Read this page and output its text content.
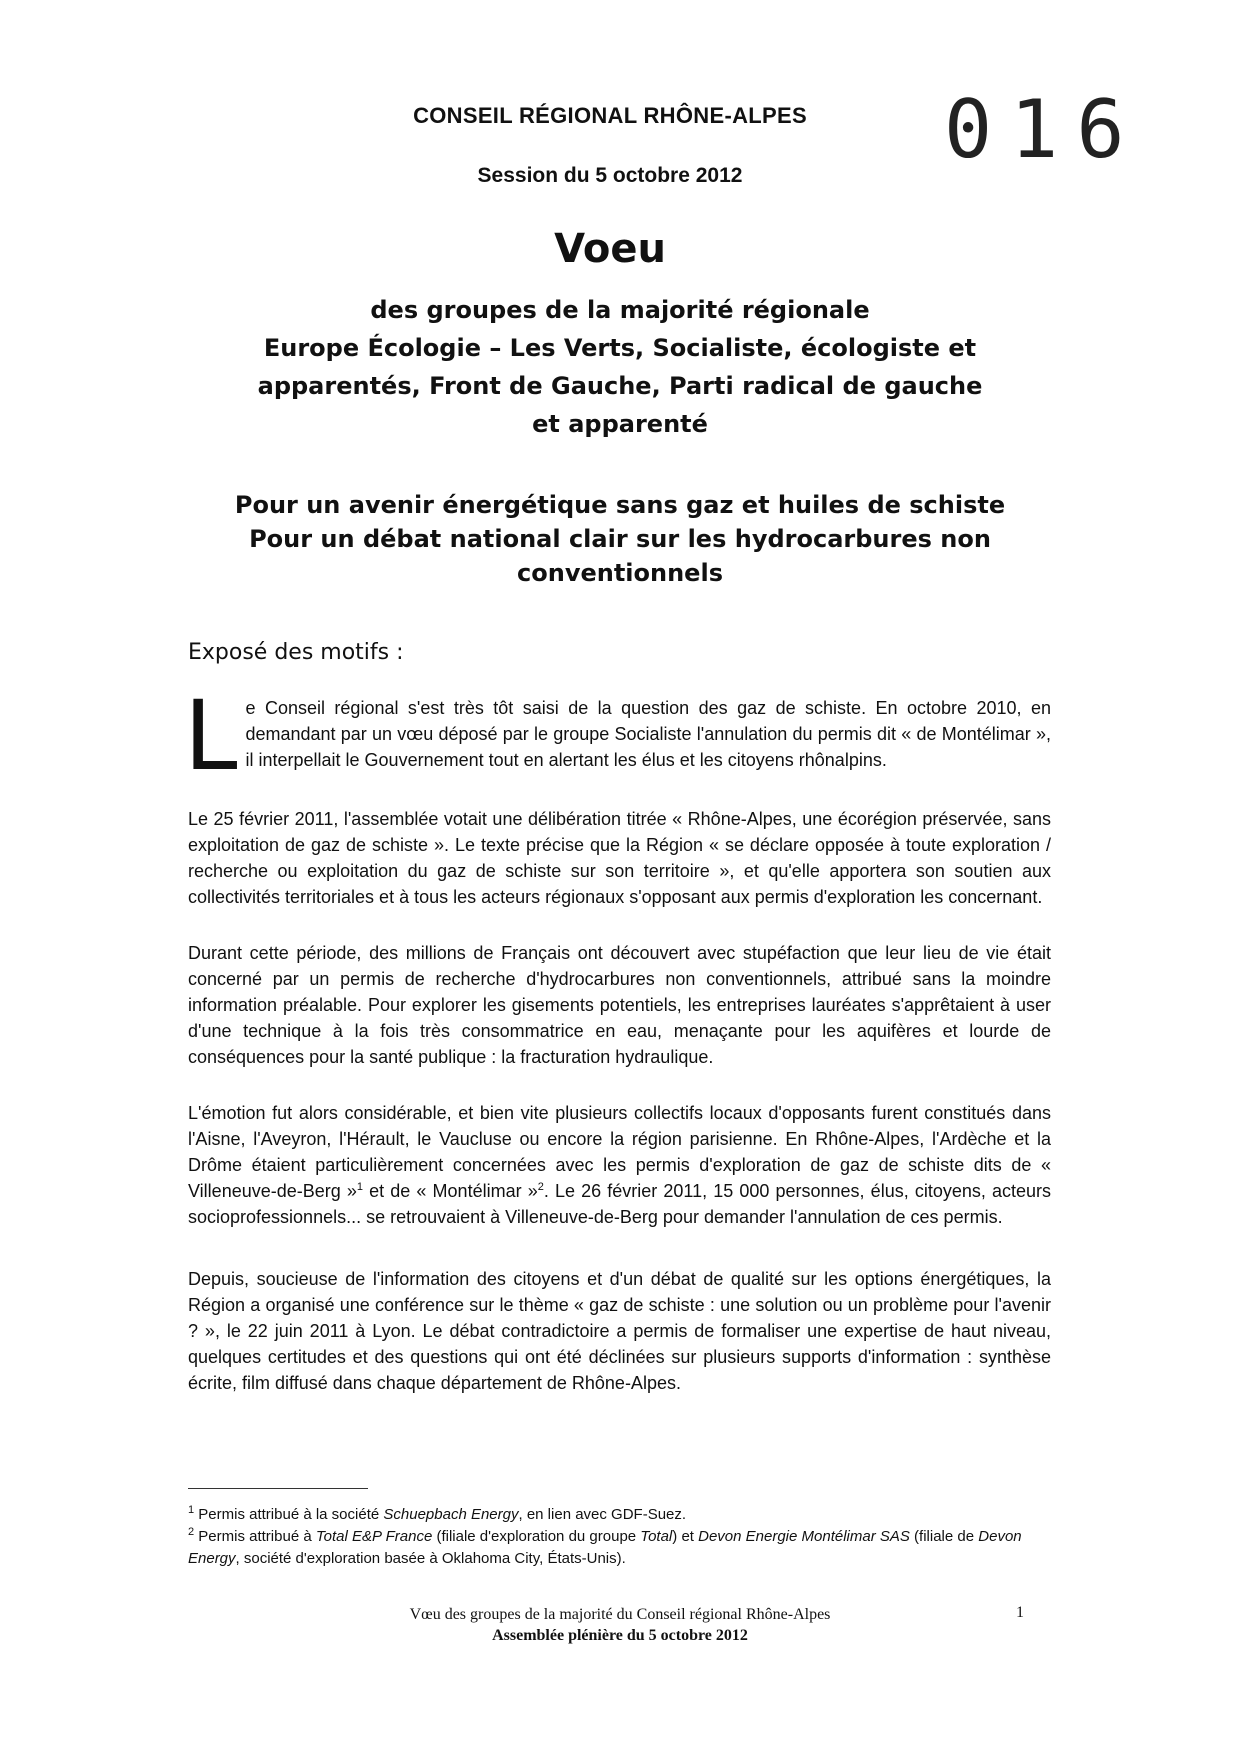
CONSEIL RÉGIONAL RHÔNE-ALPES
Session du 5 octobre 2012	016
Voeu
des groupes de la majorité régionale
Europe Écologie – Les Verts, Socialiste, écologiste et
apparentés, Front de Gauche, Parti radical de gauche
et apparenté
Pour un avenir énergétique sans gaz et huiles de schiste
Pour un débat national clair sur les hydrocarbures non
conventionnels
Exposé des motifs :
Le Conseil régional s'est très tôt saisi de la question des gaz de schiste. En octobre 2010, en demandant par un vœu déposé par le groupe Socialiste l'annulation du permis dit « de Montélimar », il interpellait le Gouvernement tout en alertant les élus et les citoyens rhônalpins.

Le 25 février 2011, l'assemblée votait une délibération titrée « Rhône-Alpes, une écorégion préservée, sans exploitation de gaz de schiste ». Le texte précise que la Région « se déclare opposée à toute exploration / recherche ou exploitation du gaz de schiste sur son territoire », et qu'elle apportera son soutien aux collectivités territoriales et à tous les acteurs régionaux s'opposant aux permis d'exploration les concernant.

Durant cette période, des millions de Français ont découvert avec stupéfaction que leur lieu de vie était concerné par un permis de recherche d'hydrocarbures non conventionnels, attribué sans la moindre information préalable. Pour explorer les gisements potentiels, les entreprises lauréates s'apprêtaient à user d'une technique à la fois très consommatrice en eau, menaçante pour les aquifères et lourde de conséquences pour la santé publique : la fracturation hydraulique.

L'émotion fut alors considérable, et bien vite plusieurs collectifs locaux d'opposants furent constitués dans l'Aisne, l'Aveyron, l'Hérault, le Vaucluse ou encore la région parisienne. En Rhône-Alpes, l'Ardèche et la Drôme étaient particulièrement concernées avec les permis d'exploration de gaz de schiste dits de « Villeneuve-de-Berg »$^1$ et de « Montélimar »$^2$. Le 26 février 2011, 15 000 personnes, élus, citoyens, acteurs socioprofessionnels... se retrouvaient à Villeneuve-de-Berg pour demander l'annulation de ces permis.

Depuis, soucieuse de l'information des citoyens et d'un débat de qualité sur les options énergétiques, la Région a organisé une conférence sur le thème « gaz de schiste : une solution ou un problème pour l'avenir ? », le 22 juin 2011 à Lyon. Le débat contradictoire a permis de formaliser une expertise de haut niveau, quelques certitudes et des questions qui ont été déclinées sur plusieurs supports d'information : synthèse écrite, film diffusé dans chaque département de Rhône-Alpes.

$^1$ Permis attribué à la société Schuepbach Energy, en lien avec GDF-Suez.

$^2$ Permis attribué à Total E&P France (filiale d'exploration du groupe Total) et Devon Energie Montélimar SAS (filiale de Devon Energy, société d'exploration basée à Oklahoma City, États-Unis).

Vœu des groupes de la majorité du Conseil régional Rhône-Alpes
Assemblée plénière du 5 octobre 2012
1
